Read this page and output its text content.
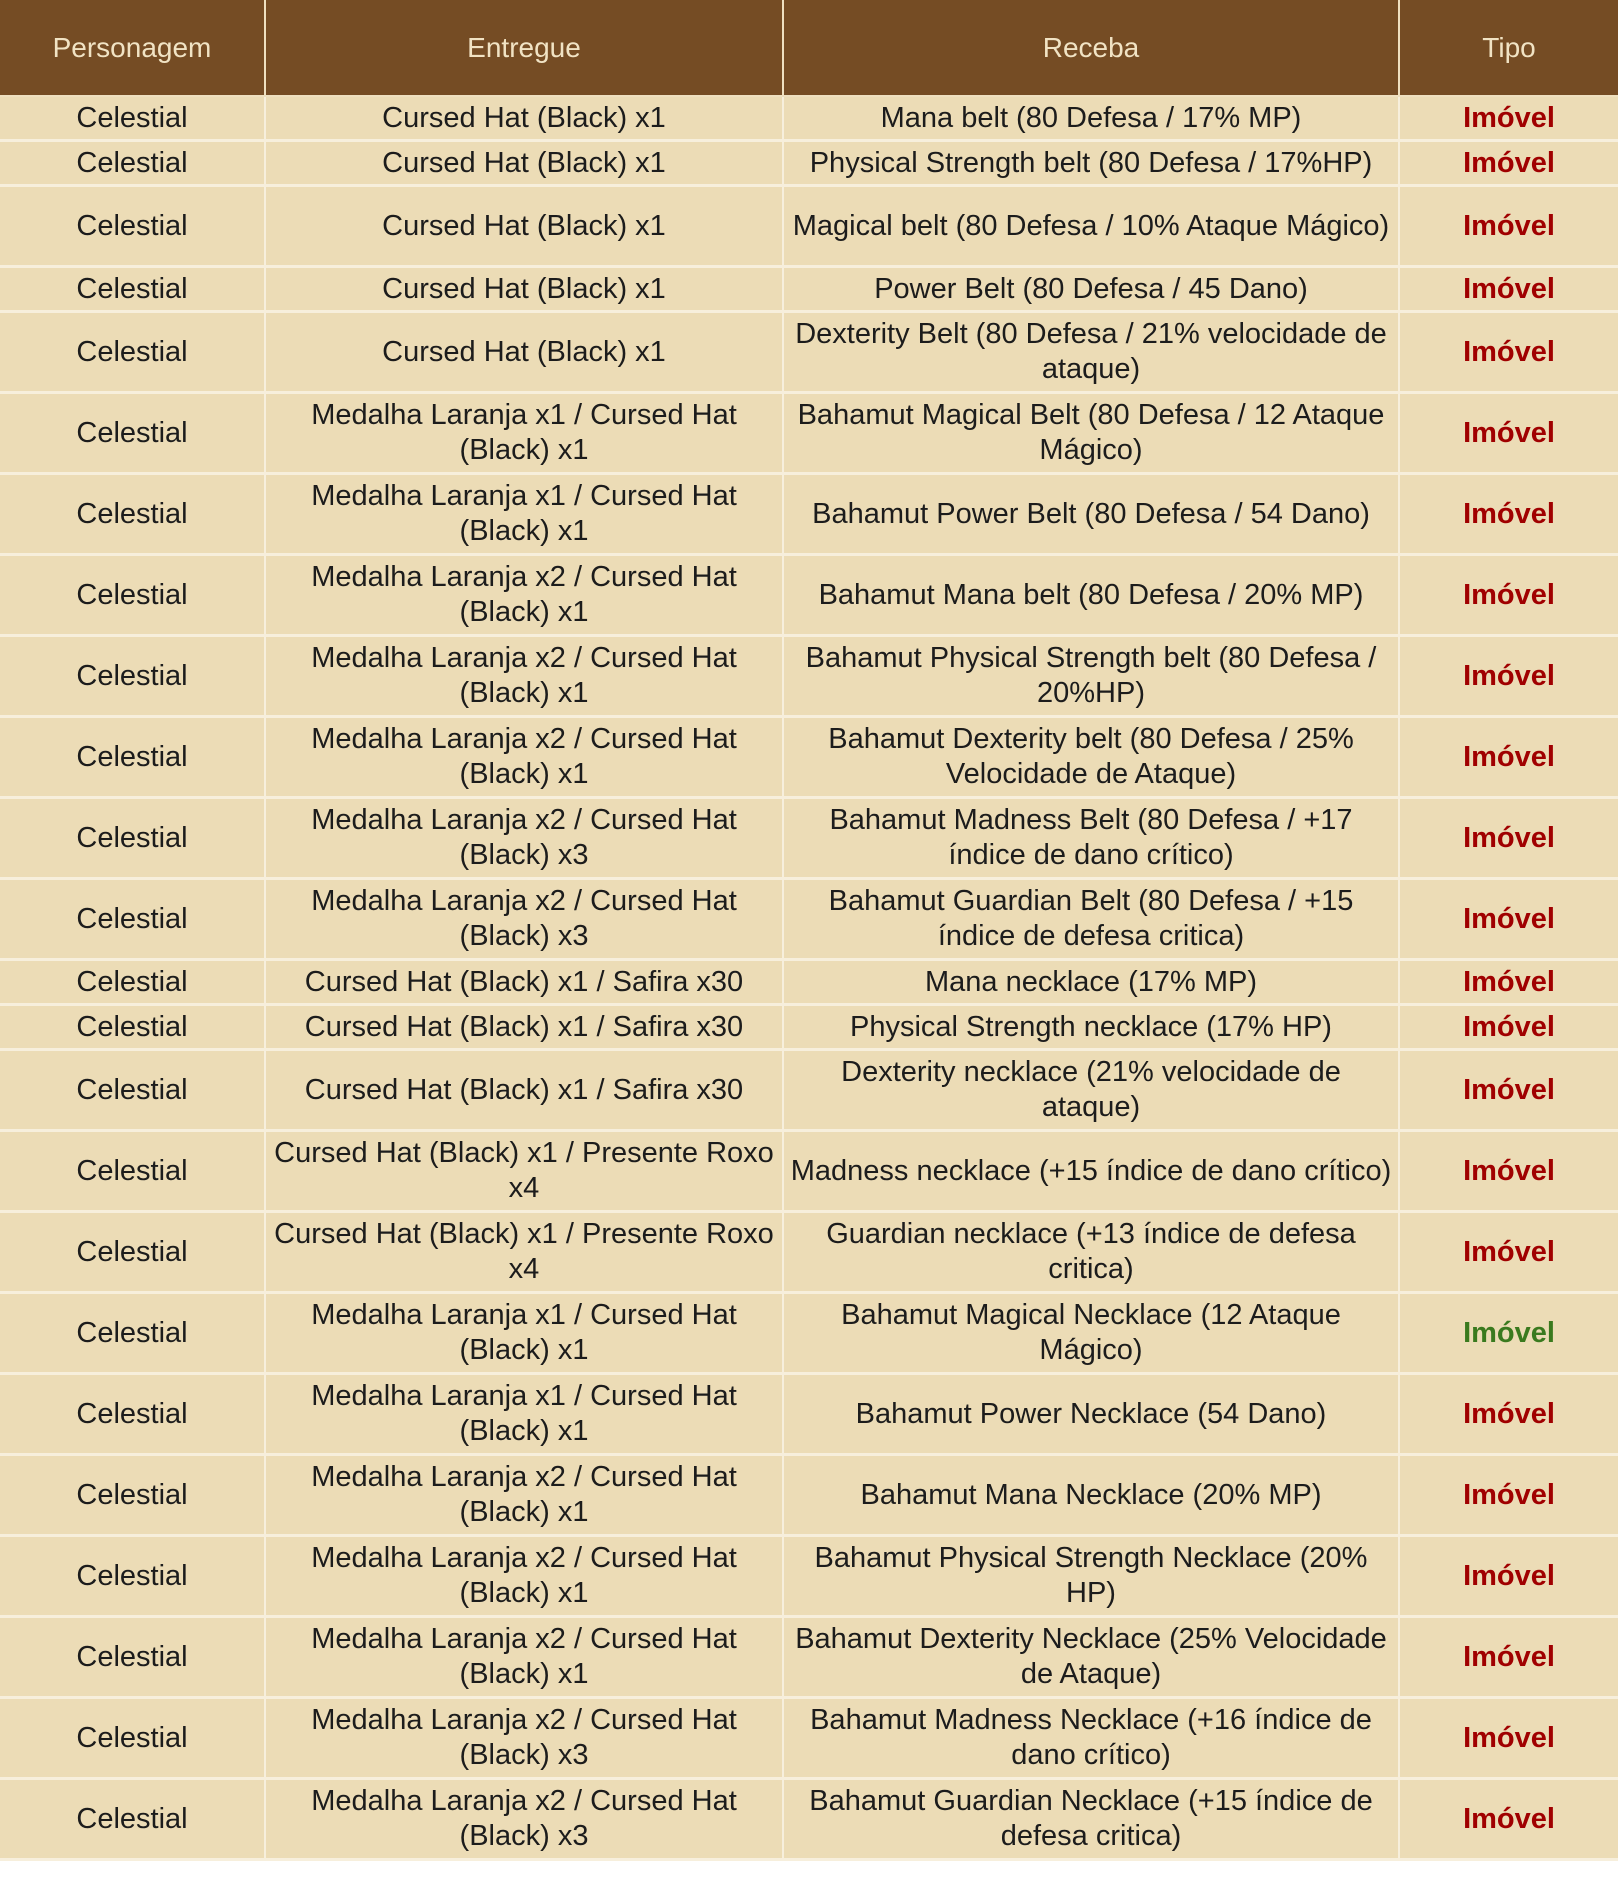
Personagem	Entregue	Receba	Tipo
Celestial	Cursed Hat (Black) x1	Mana belt (80 Defesa / 17% MP)	Imóvel
Celestial	Cursed Hat (Black) x1	Physical Strength belt (80 Defesa / 17%HP)	Imóvel
Celestial	Cursed Hat (Black) x1	Magical belt (80 Defesa / 10% Ataque Mágico)	Imóvel
Celestial	Cursed Hat (Black) x1	Power Belt (80 Defesa / 45 Dano)	Imóvel
Celestial	Cursed Hat (Black) x1	Dexterity Belt (80 Defesa / 21% velocidade de ataque)	Imóvel
Celestial	Medalha Laranja x1 / Cursed Hat (Black) x1	Bahamut Magical Belt (80 Defesa / 12 Ataque Mágico)	Imóvel
Celestial	Medalha Laranja x1 / Cursed Hat (Black) x1	Bahamut Power Belt (80 Defesa / 54 Dano)	Imóvel
Celestial	Medalha Laranja x2 / Cursed Hat (Black) x1	Bahamut Mana belt (80 Defesa / 20% MP)	Imóvel
Celestial	Medalha Laranja x2 / Cursed Hat (Black) x1	Bahamut Physical Strength belt (80 Defesa / 20%HP)	Imóvel
Celestial	Medalha Laranja x2 / Cursed Hat (Black) x1	Bahamut Dexterity belt (80 Defesa / 25% Velocidade de Ataque)	Imóvel
Celestial	Medalha Laranja x2 / Cursed Hat (Black) x3	Bahamut Madness Belt (80 Defesa / +17 índice de dano crítico)	Imóvel
Celestial	Medalha Laranja x2 / Cursed Hat (Black) x3	Bahamut Guardian Belt (80 Defesa / +15 índice de defesa critica)	Imóvel
Celestial	Cursed Hat (Black) x1 / Safira x30	Mana necklace (17% MP)	Imóvel
Celestial	Cursed Hat (Black) x1 / Safira x30	Physical Strength necklace (17% HP)	Imóvel
Celestial	Cursed Hat (Black) x1 / Safira x30	Dexterity necklace (21% velocidade de ataque)	Imóvel
Celestial	Cursed Hat (Black) x1 / Presente Roxo x4	Madness necklace (+15 índice de dano crítico)	Imóvel
Celestial	Cursed Hat (Black) x1 / Presente Roxo x4	Guardian necklace (+13 índice de defesa critica)	Imóvel
Celestial	Medalha Laranja x1 / Cursed Hat (Black) x1	Bahamut Magical Necklace (12 Ataque Mágico)	Imóvel
Celestial	Medalha Laranja x1 / Cursed Hat (Black) x1	Bahamut Power Necklace (54 Dano)	Imóvel
Celestial	Medalha Laranja x2 / Cursed Hat (Black) x1	Bahamut Mana Necklace (20% MP)	Imóvel
Celestial	Medalha Laranja x2 / Cursed Hat (Black) x1	Bahamut Physical Strength Necklace (20% HP)	Imóvel
Celestial	Medalha Laranja x2 / Cursed Hat (Black) x1	Bahamut Dexterity Necklace (25% Velocidade de Ataque)	Imóvel
Celestial	Medalha Laranja x2 / Cursed Hat (Black) x3	Bahamut Madness Necklace (+16 índice de dano crítico)	Imóvel
Celestial	Medalha Laranja x2 / Cursed Hat (Black) x3	Bahamut Guardian Necklace (+15 índice de defesa critica)	Imóvel
